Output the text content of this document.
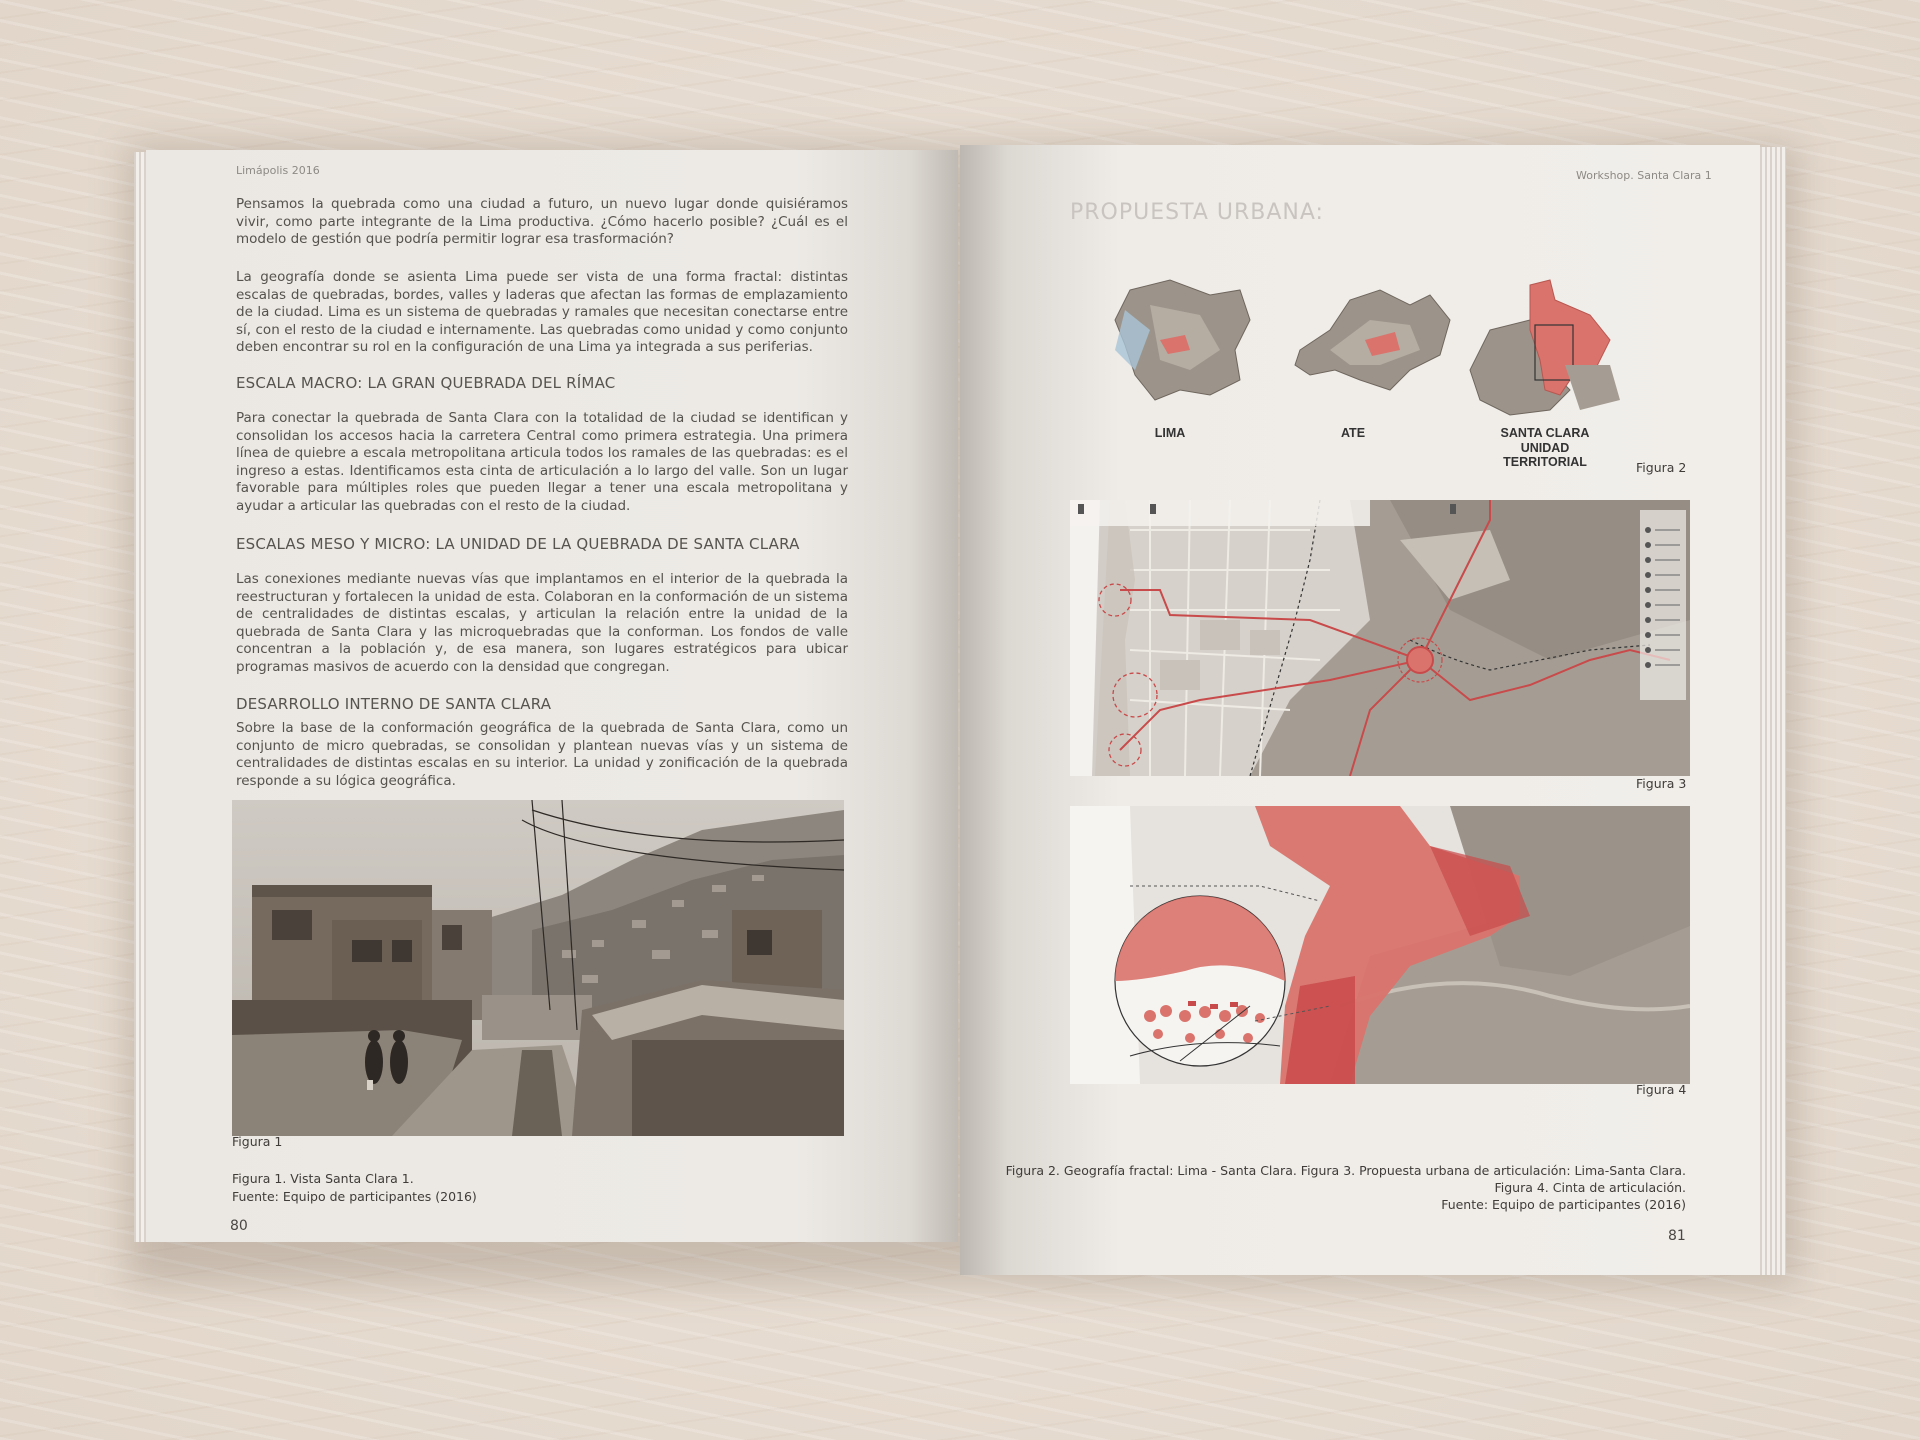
Limápolis 2016

Pensamos la quebrada como una ciudad a futuro, un nuevo lugar donde quisiéramos vivir, como parte integrante de la Lima productiva. ¿Cómo hacerlo posible? ¿Cuál es el modelo de gestión que podría permitir lograr esa trasformación?

La geografía donde se asienta Lima puede ser vista de una forma fractal: distintas escalas de quebradas, bordes, valles y laderas que afectan las formas de emplazamiento de la ciudad. Lima es un sistema de quebradas y ramales que necesitan conectarse entre sí, con el resto de la ciudad e internamente. Las quebradas como unidad y como conjunto deben encontrar su rol en la configuración de una Lima ya integrada a sus periferias.

ESCALA MACRO: LA GRAN QUEBRADA DEL RÍMAC

Para conectar la quebrada de Santa Clara con la totalidad de la ciudad se identifican y consolidan los accesos hacia la carretera Central como primera estrategia. Una primera línea de quiebre a escala metropolitana articula todos los ramales de las quebradas: es el ingreso a estas. Identificamos esta cinta de articulación a lo largo del valle. Son un lugar favorable para múltiples roles que pueden llegar a tener una escala metropolitana y ayudar a articular las quebradas con el resto de la ciudad.

ESCALAS MESO Y MICRO: LA UNIDAD DE LA QUEBRADA DE SANTA CLARA

Las conexiones mediante nuevas vías que implantamos en el interior de la quebrada la reestructuran y fortalecen la unidad de esta. Colaboran en la conformación de un sistema de centralidades de distintas escalas, y articulan la relación entre la unidad de la quebrada de Santa Clara y las microquebradas que la conforman. Los fondos de valle concentran a la población y, de esa manera, son lugares estratégicos para ubicar programas masivos de acuerdo con la densidad que congregan.

DESARROLLO INTERNO DE SANTA CLARA

Sobre la base de la conformación geográfica de la quebrada de Santa Clara, como un conjunto de micro quebradas, se consolidan y plantean nuevas vías y un sistema de centralidades de distintas escalas en su interior. La unidad y zonificación de la quebrada responde a su lógica geográfica.

Figura 1

Figura 1. Vista Santa Clara 1.

Fuente: Equipo de participantes (2016)

80
Workshop. Santa Clara 1
PROPUESTA URBANA:
LIMA	ATE	SANTA CLARA
UNIDAD TERRITORIAL	Figura 2
Figura 3
Figura 4

Figura 2. Geografía fractal: Lima - Santa Clara. Figura 3. Propuesta urbana de articulación: Lima-Santa Clara.

Figura 4. Cinta de articulación.

Fuente: Equipo de participantes (2016)

81
